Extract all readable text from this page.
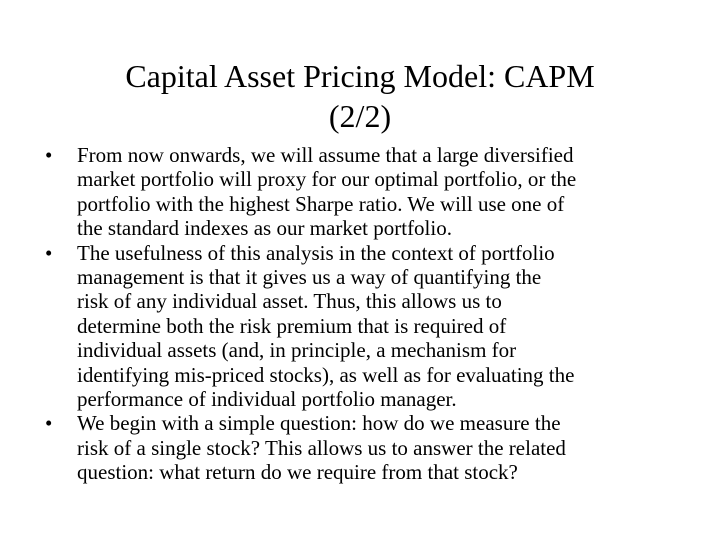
Capital Asset Pricing Model: CAPM
(2/2)
• From now onwards, we will assume that a large diversified
market portfolio will proxy for our optimal portfolio, or the
portfolio with the highest Sharpe ratio. We will use one of
the standard indexes as our market portfolio.
• The usefulness of this analysis in the context of portfolio
management is that it gives us a way of quantifying the
risk of any individual asset. Thus, this allows us to
determine both the risk premium that is required of
individual assets (and, in principle, a mechanism for
identifying mis-priced stocks), as well as for evaluating the
performance of individual portfolio manager.
• We begin with a simple question: how do we measure the
risk of a single stock? This allows us to answer the related
question: what return do we require from that stock?
